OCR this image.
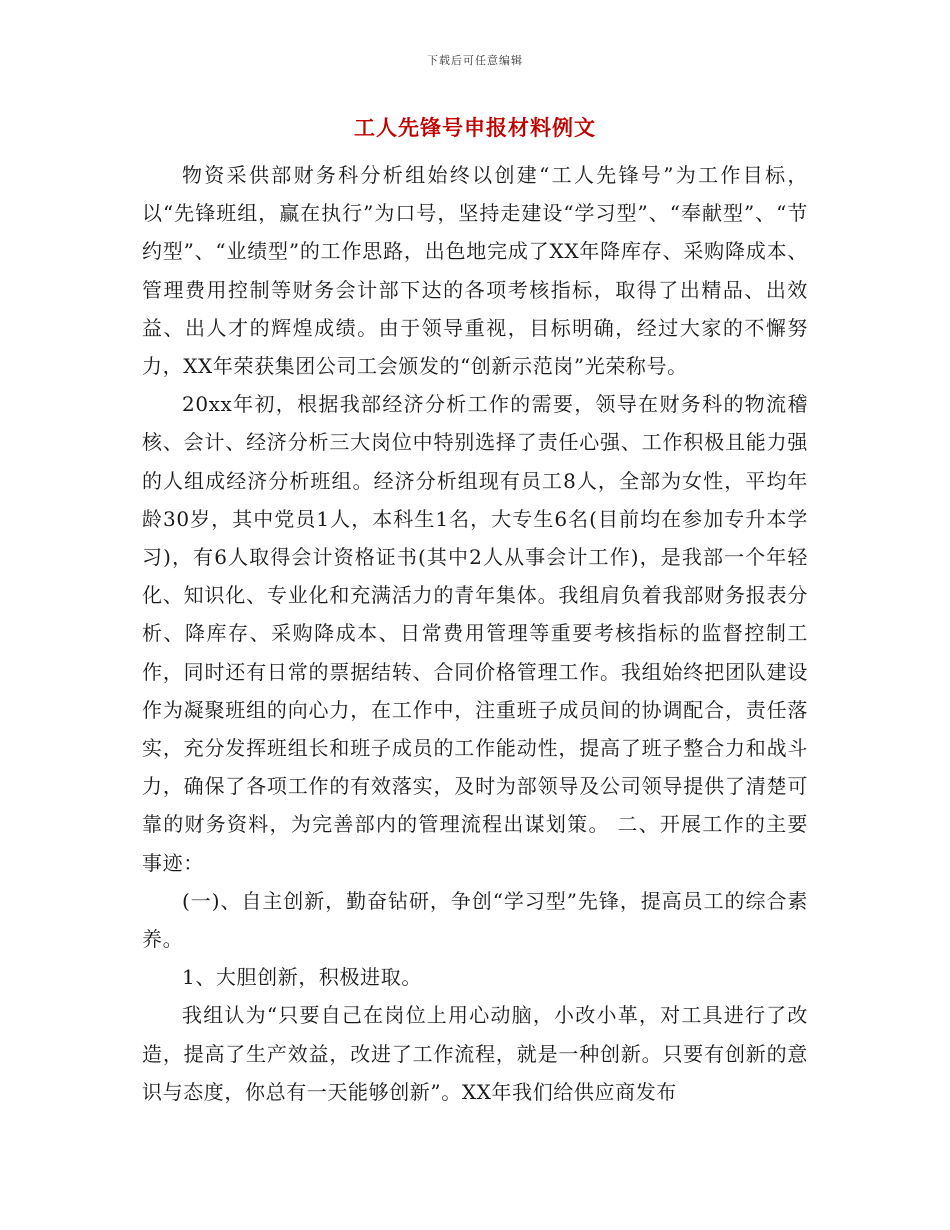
下载后可任意编辑
工人先锋号申报材料例文

物资采供部财务科分析组始终以创建“工人先锋号”为工作目标，以“先锋班组，赢在执行”为口号，坚持走建设“学习型”、“奉献型”、“节约型”、“业绩型”的工作思路，出色地完成了XX年降库存、采购降成本、管理费用控制等财务会计部下达的各项考核指标，取得了出精品、出效益、出人才的辉煌成绩。由于领导重视，目标明确，经过大家的不懈努力，XX年荣获集团公司工会颁发的“创新示范岗”光荣称号。

20xx年初，根据我部经济分析工作的需要，领导在财务科的物流稽核、会计、经济分析三大岗位中特别选择了责任心强、工作积极且能力强的人组成经济分析班组。经济分析组现有员工8人，全部为女性，平均年龄30岁，其中党员1人，本科生1名，大专生6名(目前均在参加专升本学习)，有6人取得会计资格证书(其中2人从事会计工作)，是我部一个年轻化、知识化、专业化和充满活力的青年集体。我组肩负着我部财务报表分析、降库存、采购降成本、日常费用管理等重要考核指标的监督控制工作，同时还有日常的票据结转、合同价格管理工作。我组始终把团队建设作为凝聚班组的向心力，在工作中，注重班子成员间的协调配合，责任落实，充分发挥班组长和班子成员的工作能动性，提高了班子整合力和战斗力，确保了各项工作的有效落实，及时为部领导及公司领导提供了清楚可靠的财务资料，为完善部内的管理流程出谋划策。 二、开展工作的主要事迹：

(一)、自主创新，勤奋钻研，争创“学习型”先锋，提高员工的综合素养。

1、大胆创新，积极进取。

我组认为“只要自己在岗位上用心动脑，小改小革，对工具进行了改造，提高了生产效益，改进了工作流程，就是一种创新。只要有创新的意识与态度，你总有一天能够创新”。XX年我们给供应商发布
